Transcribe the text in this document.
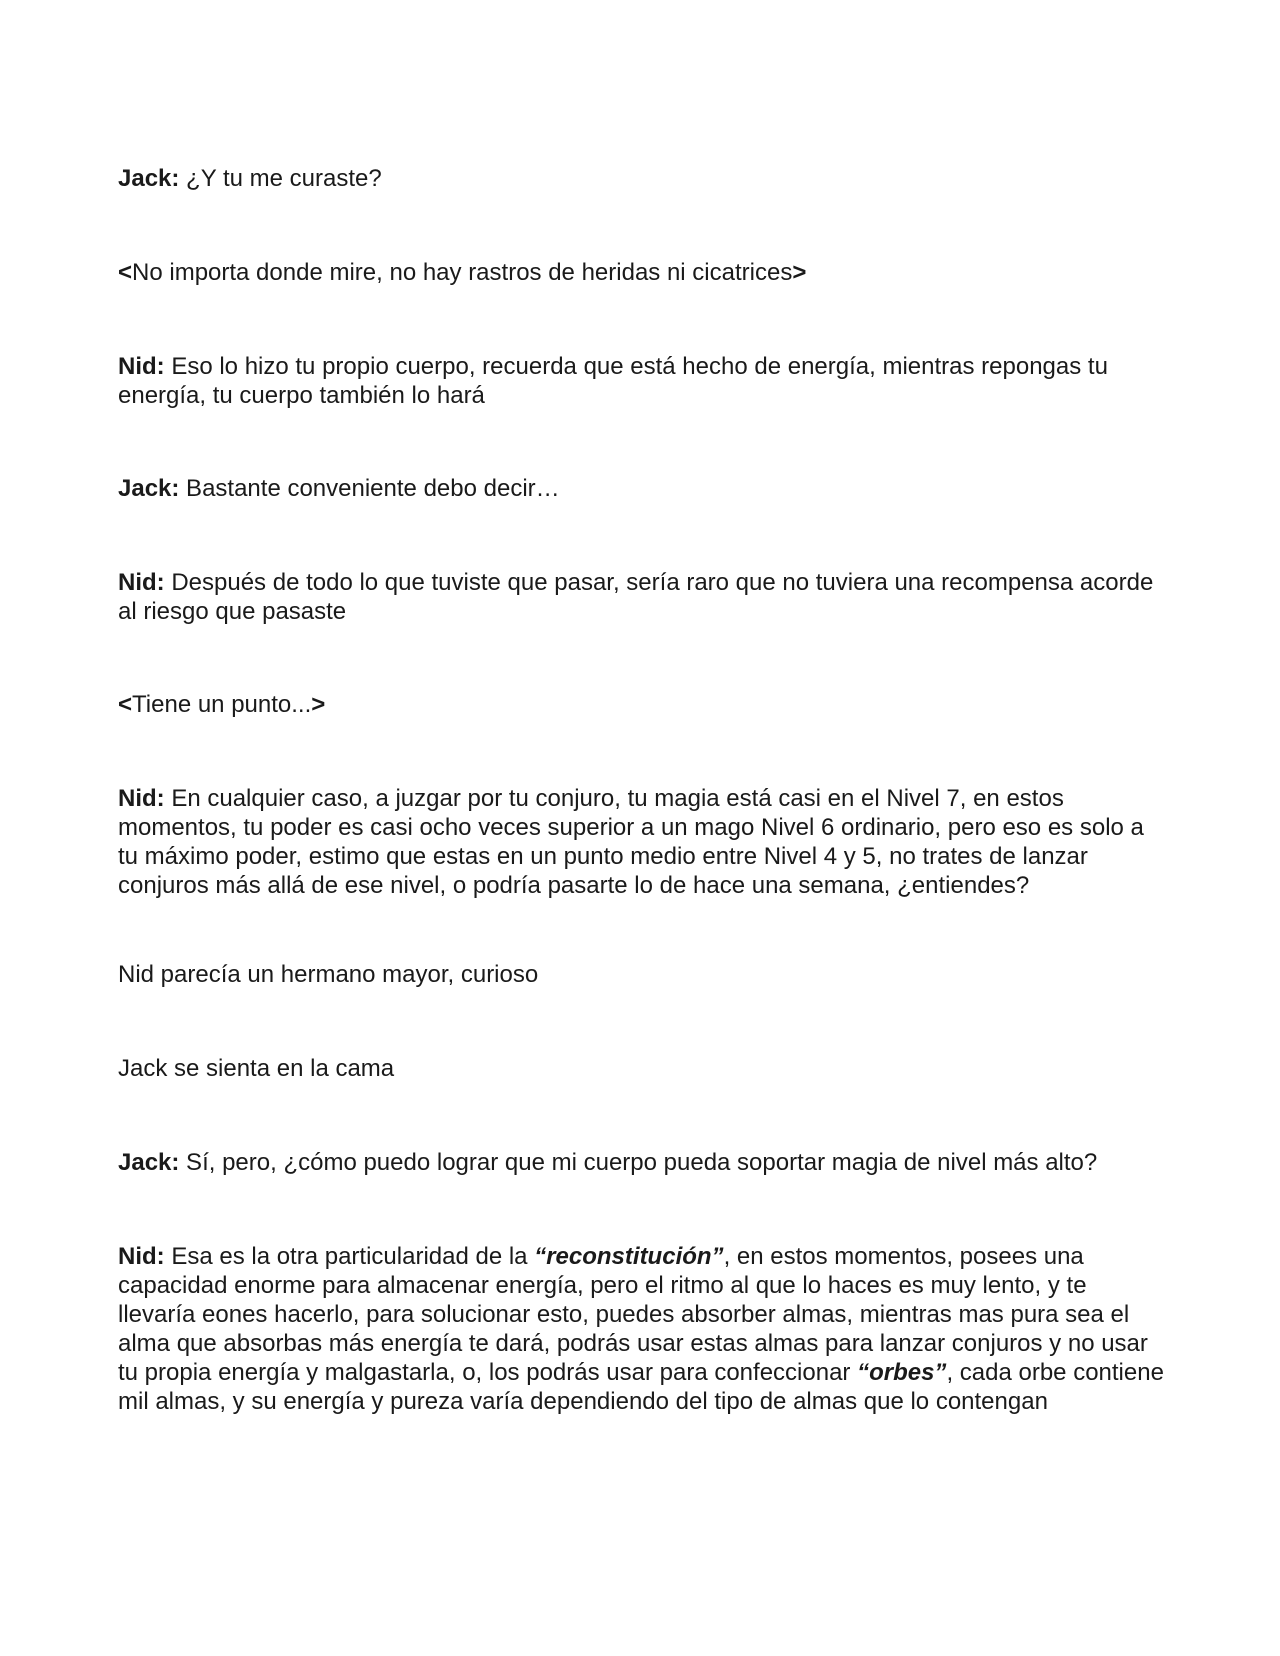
Jack: ¿Y tu me curaste?

<No importa donde mire, no hay rastros de heridas ni cicatrices>

Nid: Eso lo hizo tu propio cuerpo, recuerda que está hecho de energía, mientras repongas tu energía, tu cuerpo también lo hará

Jack: Bastante conveniente debo decir…

Nid: Después de todo lo que tuviste que pasar, sería raro que no tuviera una recompensa acorde al riesgo que pasaste

<Tiene un punto...>

Nid: En cualquier caso, a juzgar por tu conjuro, tu magia está casi en el Nivel 7, en estos momentos, tu poder es casi ocho veces superior a un mago Nivel 6 ordinario, pero eso es solo a tu máximo poder, estimo que estas en un punto medio entre Nivel 4 y 5, no trates de lanzar conjuros más allá de ese nivel, o podría pasarte lo de hace una semana, ¿entiendes?

Nid parecía un hermano mayor, curioso

Jack se sienta en la cama

Jack: Sí, pero, ¿cómo puedo lograr que mi cuerpo pueda soportar magia de nivel más alto?

Nid: Esa es la otra particularidad de la “reconstitución”, en estos momentos, posees una capacidad enorme para almacenar energía, pero el ritmo al que lo haces es muy lento, y te llevaría eones hacerlo, para solucionar esto, puedes absorber almas, mientras mas pura sea el alma que absorbas más energía te dará, podrás usar estas almas para lanzar conjuros y no usar tu propia energía y malgastarla, o, los podrás usar para confeccionar “orbes”, cada orbe contiene mil almas, y su energía y pureza varía dependiendo del tipo de almas que lo contengan
